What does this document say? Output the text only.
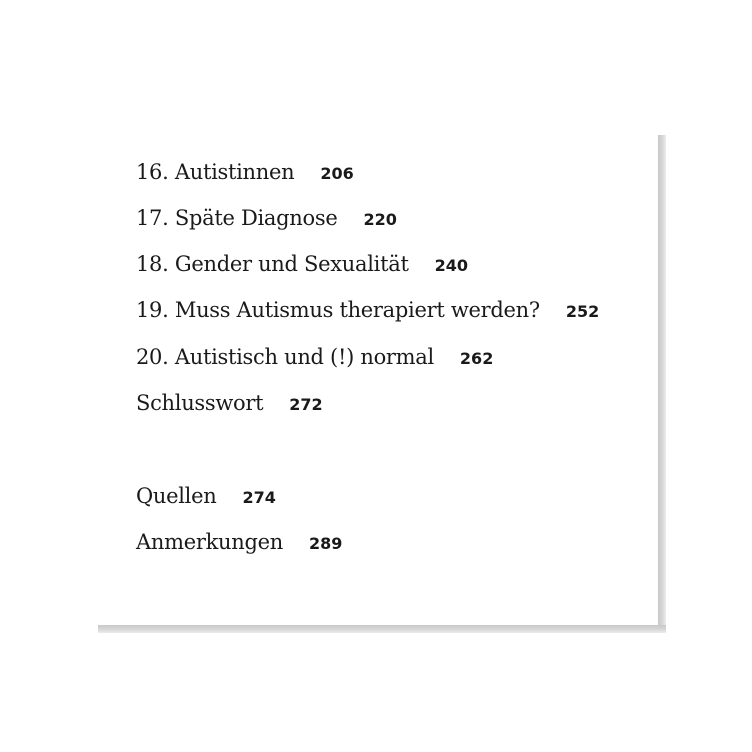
16. Autistinnen 206
17. Späte Diagnose 220
18. Gender und Sexualität 240
19. Muss Autismus therapiert werden? 252
20. Autistisch und (!) normal 262
Schlusswort 272
Quellen 274
Anmerkungen 289
